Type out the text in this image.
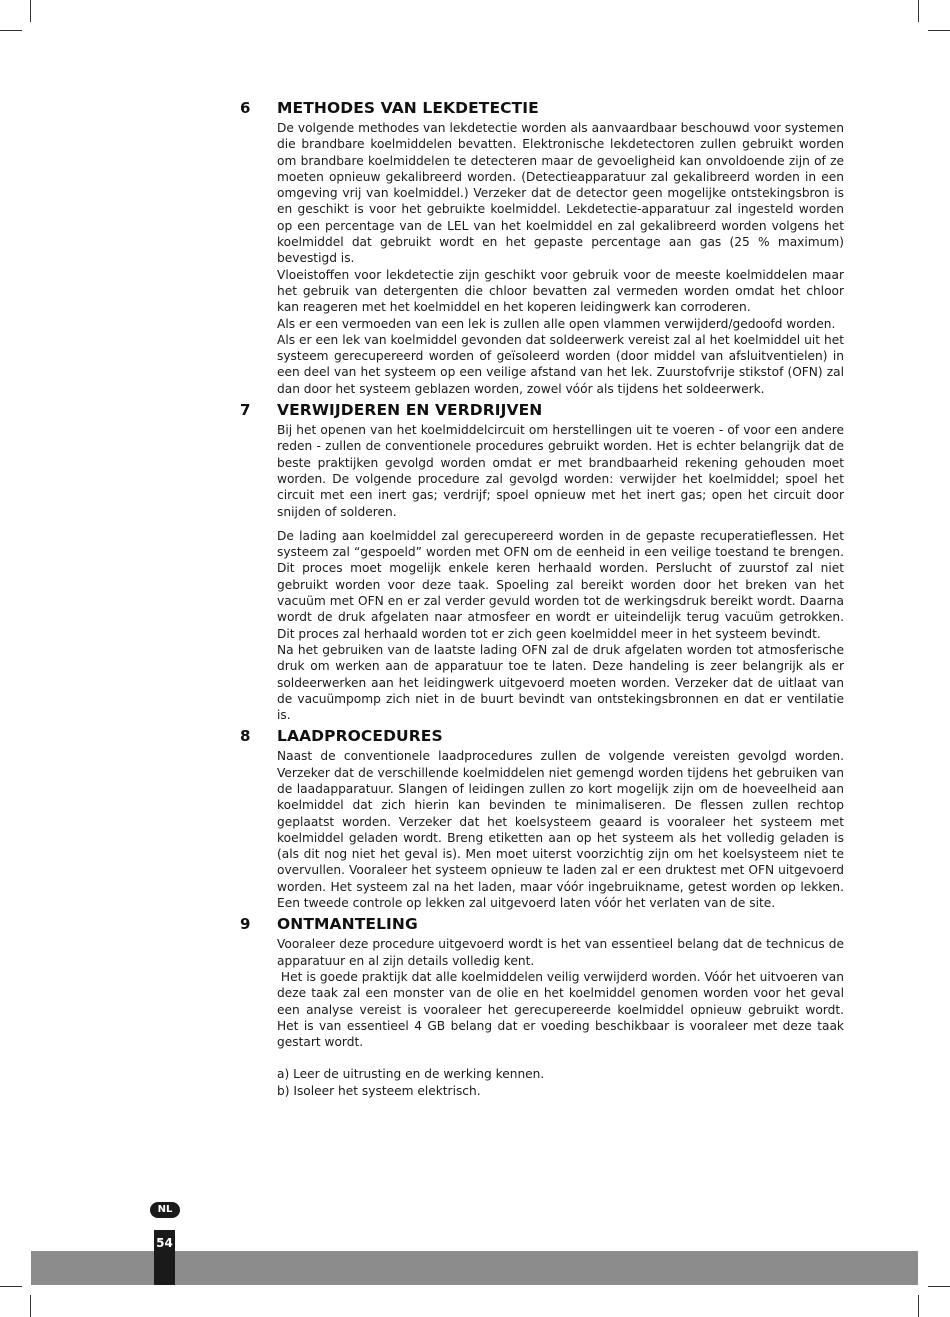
6	METHODES VAN LEKDETECTIE

De volgende methodes van lekdetectie worden als aanvaardbaar beschouwd voor systemen die brandbare koelmiddelen bevatten. Elektronische lekdetectoren zullen gebruikt worden om brandbare koelmiddelen te detecteren maar de gevoeligheid kan onvoldoende zijn of ze moeten opnieuw gekalibreerd worden. (Detectieapparatuur zal gekalibreerd worden in een omgeving vrij van koelmiddel.) Verzeker dat de detector geen mogelijke ontstekingsbron is en geschikt is voor het gebruikte koelmiddel. Lekdetectie-apparatuur zal ingesteld worden op een percentage van de LEL van het koelmiddel en zal gekalibreerd worden volgens het koelmiddel dat gebruikt wordt en het gepaste percentage aan gas (25 % maximum) bevestigd is.

Vloeistoffen voor lekdetectie zijn geschikt voor gebruik voor de meeste koelmiddelen maar het gebruik van detergenten die chloor bevatten zal vermeden worden omdat het chloor kan reageren met het koelmiddel en het koperen leidingwerk kan corroderen.

Als er een vermoeden van een lek is zullen alle open vlammen verwijderd/gedoofd worden.

Als er een lek van koelmiddel gevonden dat soldeerwerk vereist zal al het koelmiddel uit het systeem gerecupereerd worden of geïsoleerd worden (door middel van afsluitventielen) in een deel van het systeem op een veilige afstand van het lek. Zuurstofvrije stikstof (OFN) zal dan door het systeem geblazen worden, zowel vóór als tijdens het soldeerwerk.

7	VERWIJDEREN EN VERDRIJVEN

Bij het openen van het koelmiddelcircuit om herstellingen uit te voeren - of voor een andere reden - zullen de conventionele procedures gebruikt worden. Het is echter belangrijk dat de beste praktijken gevolgd worden omdat er met brandbaarheid rekening gehouden moet worden. De volgende procedure zal gevolgd worden: verwijder het koelmiddel; spoel het circuit met een inert gas; verdrijf; spoel opnieuw met het inert gas; open het circuit door snijden of solderen.

De lading aan koelmiddel zal gerecupereerd worden in de gepaste recuperatieflessen. Het systeem zal “gespoeld” worden met OFN om de eenheid in een veilige toestand te brengen. Dit proces moet mogelijk enkele keren herhaald worden. Perslucht of zuurstof zal niet gebruikt worden voor deze taak. Spoeling zal bereikt worden door het breken van het vacuüm met OFN en er zal verder gevuld worden tot de werkingsdruk bereikt wordt. Daarna wordt de druk afgelaten naar atmosfeer en wordt er uiteindelijk terug vacuüm getrokken. Dit proces zal herhaald worden tot er zich geen koelmiddel meer in het systeem bevindt.

Na het gebruiken van de laatste lading OFN zal de druk afgelaten worden tot atmosferische druk om werken aan de apparatuur toe te laten. Deze handeling is zeer belangrijk als er soldeerwerken aan het leidingwerk uitgevoerd moeten worden. Verzeker dat de uitlaat van de vacuümpomp zich niet in de buurt bevindt van ontstekingsbronnen en dat er ventilatie is.

8	LAADPROCEDURES

Naast de conventionele laadprocedures zullen de volgende vereisten gevolgd worden. Verzeker dat de verschillende koelmiddelen niet gemengd worden tijdens het gebruiken van de laadapparatuur. Slangen of leidingen zullen zo kort mogelijk zijn om de hoeveelheid aan koelmiddel dat zich hierin kan bevinden te minimaliseren. De flessen zullen rechtop geplaatst worden. Verzeker dat het koelsysteem geaard is vooraleer het systeem met koelmiddel geladen wordt. Breng etiketten aan op het systeem als het volledig geladen is (als dit nog niet het geval is). Men moet uiterst voorzichtig zijn om het koelsysteem niet te overvullen. Vooraleer het systeem opnieuw te laden zal er een druktest met OFN uitgevoerd worden. Het systeem zal na het laden, maar vóór ingebruikname, getest worden op lekken. Een tweede controle op lekken zal uitgevoerd laten vóór het verlaten van de site.

9	ONTMANTELING

Vooraleer deze procedure uitgevoerd wordt is het van essentieel belang dat de technicus de apparatuur en al zijn details volledig kent.

Het is goede praktijk dat alle koelmiddelen veilig verwijderd worden. Vóór het uitvoeren van deze taak zal een monster van de olie en het koelmiddel genomen worden voor het geval een analyse vereist is vooraleer het gerecupereerde koelmiddel opnieuw gebruikt wordt. Het is van essentieel 4 GB belang dat er voeding beschikbaar is vooraleer met deze taak gestart wordt.

a) Leer de uitrusting en de werking kennen.

b) Isoleer het systeem elektrisch.

NL
54
